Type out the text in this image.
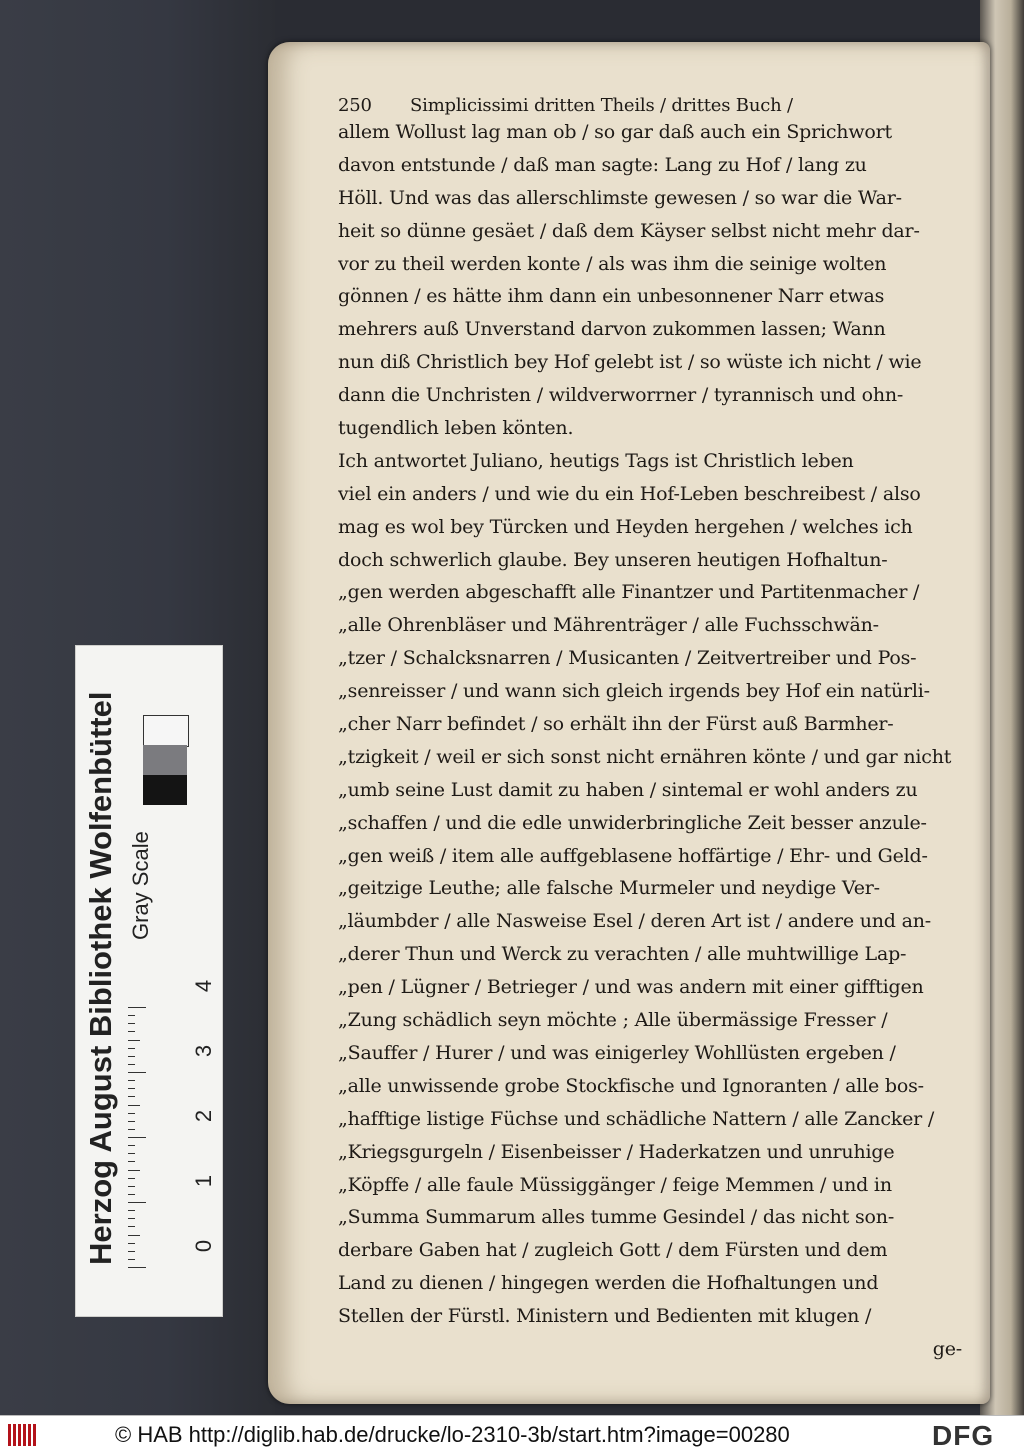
250	Simplicissimi dritten Theils / drittes Buch /
allem Wollust lag man ob / so gar daß auch ein Sprichwort
davon entstunde / daß man sagte: Lang zu Hof / lang zu
Höll. Und was das allerschlimste gewesen / so war die War-
heit so dünne gesäet / daß dem Käyser selbst nicht mehr dar-
vor zu theil werden konte / als was ihm die seinige wolten
gönnen / es hätte ihm dann ein unbesonnener Narr etwas
mehrers auß Unverstand darvon zukommen lassen; Wann
nun diß Christlich bey Hof gelebt ist / so wüste ich nicht / wie
dann die Unchristen / wildverworrner / tyrannisch und ohn-
tugendlich leben könten.
Ich antwortet Juliano, heutigs Tags ist Christlich leben
viel ein anders / und wie du ein Hof-Leben beschreibest / also
mag es wol bey Türcken und Heyden hergehen / welches ich
doch schwerlich glaube. Bey unseren heutigen Hofhaltun-
„gen werden abgeschafft alle Finantzer und Partitenmacher /
„alle Ohrenbläser und Mährenträger / alle Fuchsschwän-
„tzer / Schalcksnarren / Musicanten / Zeitvertreiber und Pos-
„senreisser / und wann sich gleich irgends bey Hof ein natürli-
„cher Narr befindet / so erhält ihn der Fürst auß Barmher-
„tzigkeit / weil er sich sonst nicht ernähren könte / und gar nicht
„umb seine Lust damit zu haben / sintemal er wohl anders zu
„schaffen / und die edle unwiderbringliche Zeit besser anzule-
„gen weiß / item alle auffgeblasene hoffärtige / Ehr- und Geld-
„geitzige Leuthe; alle falsche Murmeler und neydige Ver-
„läumbder / alle Nasweise Esel / deren Art ist / andere und an-
„derer Thun und Werck zu verachten / alle muhtwillige Lap-
„pen / Lügner / Betrieger / und was andern mit einer gifftigen
„Zung schädlich seyn möchte ; Alle übermässige Fresser /
„Sauffer / Hurer / und was einigerley Wohllüsten ergeben /
„alle unwissende grobe Stockfische und Ignoranten / alle bos-
„hafftige listige Füchse und schädliche Nattern / alle Zancker /
„Kriegsgurgeln / Eisenbeisser / Haderkatzen und unruhige
„Köpffe / alle faule Müssiggänger / feige Memmen / und in
„Summa Summarum alles tumme Gesindel / das nicht son-
derbare Gaben hat / zugleich Gott / dem Fürsten und dem
Land zu dienen / hingegen werden die Hofhaltungen und
Stellen der Fürstl. Ministern und Bedienten mit klugen /
ge-
Herzog August Bibliothek Wolfenbüttel Gray Scale
0
1
2
3
4
© HAB http://diglib.hab.de/drucke/lo-2310-3b/start.htm?image=00280	DFG
